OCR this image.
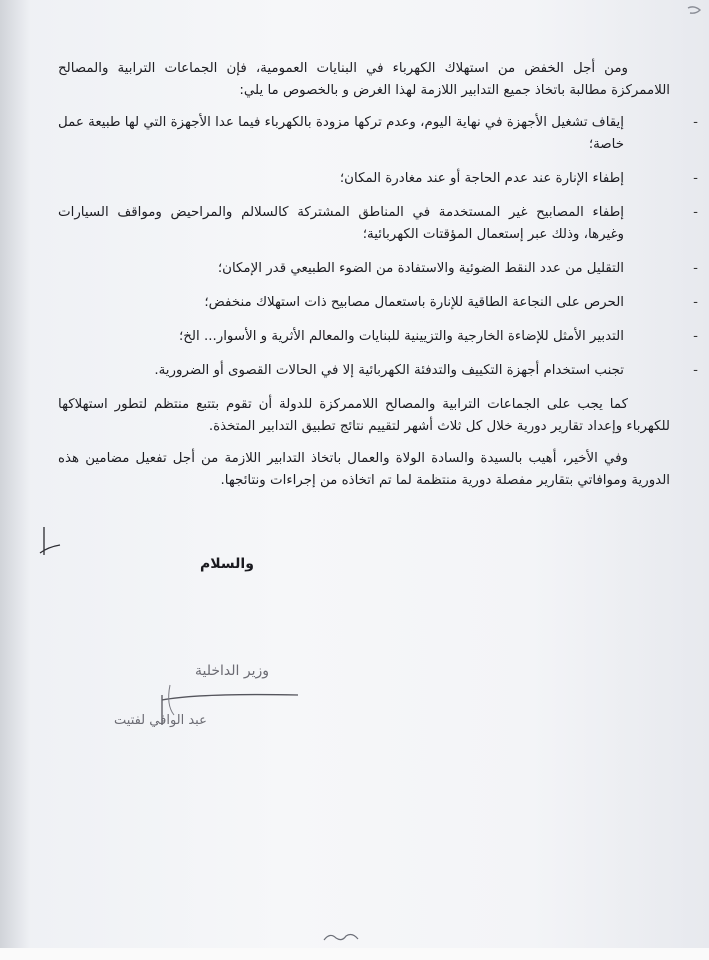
ومن أجل الخفض من استهلاك الكهرباء في البنايات العمومية، فإن الجماعات الترابية والمصالح اللاممركزة مطالبة باتخاذ جميع التدابير اللازمة لهذا الغرض و بالخصوص ما يلي:

- إيقاف تشغيل الأجهزة في نهاية اليوم، وعدم تركها مزودة بالكهرباء فيما عدا الأجهزة التي لها طبيعة عمل خاصة؛
- إطفاء الإنارة عند عدم الحاجة أو عند مغادرة المكان؛
- إطفاء المصابيح غير المستخدمة في المناطق المشتركة كالسلالم والمراحيض ومواقف السيارات وغيرها، وذلك عبر إستعمال المؤقتات الكهربائية؛
- التقليل من عدد النقط الضوئية والاستفادة من الضوء الطبيعي قدر الإمكان؛
- الحرص على النجاعة الطاقية للإنارة باستعمال مصابيح ذات استهلاك منخفض؛
- التدبير الأمثل للإضاءة الخارجية والتزيينية للبنايات والمعالم الأثرية و الأسوار... الخ؛
- تجنب استخدام أجهزة التكييف والتدفئة الكهربائية إلا في الحالات القصوى أو الضرورية.

كما يجب على الجماعات الترابية والمصالح اللاممركزة للدولة أن تقوم بتتبع منتظم لتطور استهلاكها للكهرباء وإعداد تقارير دورية خلال كل ثلاث أشهر لتقييم نتائج تطبيق التدابير المتخذة.

وفي الأخير، أهيب بالسيدة والسادة الولاة والعمال باتخاذ التدابير اللازمة من أجل تفعيل مضامين هذه الدورية وموافاتي بتقارير مفصلة دورية منتظمة لما تم اتخاذه من إجراءات ونتائجها.

والسلام
وزير الداخلية
عبد الوافي لفتيت
